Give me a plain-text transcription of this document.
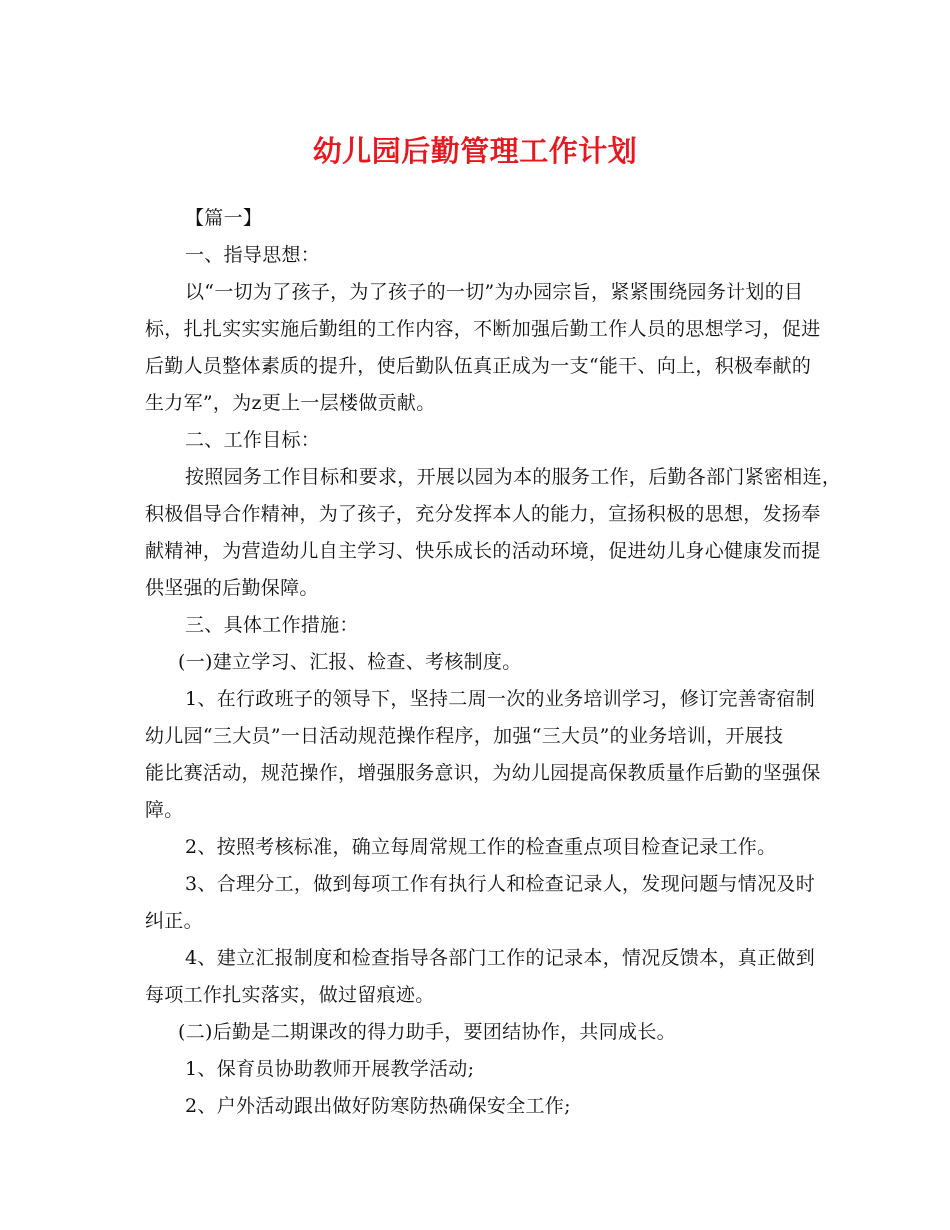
幼儿园后勤管理工作计划

【篇一】

一、指导思想：

以“一切为了孩子，为了孩子的一切”为办园宗旨，紧紧围绕园务计划的目

标，扎扎实实实施后勤组的工作内容，不断加强后勤工作人员的思想学习，促进

后勤人员整体素质的提升，使后勤队伍真正成为一支“能干、向上，积极奉献的

生力军”，为z更上一层楼做贡献。

二、工作目标：

按照园务工作目标和要求，开展以园为本的服务工作，后勤各部门紧密相连，

积极倡导合作精神，为了孩子，充分发挥本人的能力，宣扬积极的思想，发扬奉

献精神，为营造幼儿自主学习、快乐成长的活动环境，促进幼儿身心健康发而提

供坚强的后勤保障。

三、具体工作措施：

(一)建立学习、汇报、检查、考核制度。

1、在行政班子的领导下，坚持二周一次的业务培训学习，修订完善寄宿制

幼儿园“三大员”一日活动规范操作程序，加强“三大员”的业务培训，开展技

能比赛活动，规范操作，增强服务意识，为幼儿园提高保教质量作后勤的坚强保

障。

2、按照考核标准，确立每周常规工作的检查重点项目检查记录工作。

3、合理分工，做到每项工作有执行人和检查记录人，发现问题与情况及时

纠正。

4、建立汇报制度和检查指导各部门工作的记录本，情况反馈本，真正做到

每项工作扎实落实，做过留痕迹。

(二)后勤是二期课改的得力助手，要团结协作，共同成长。

1、保育员协助教师开展教学活动;

2、户外活动跟出做好防寒防热确保安全工作;
